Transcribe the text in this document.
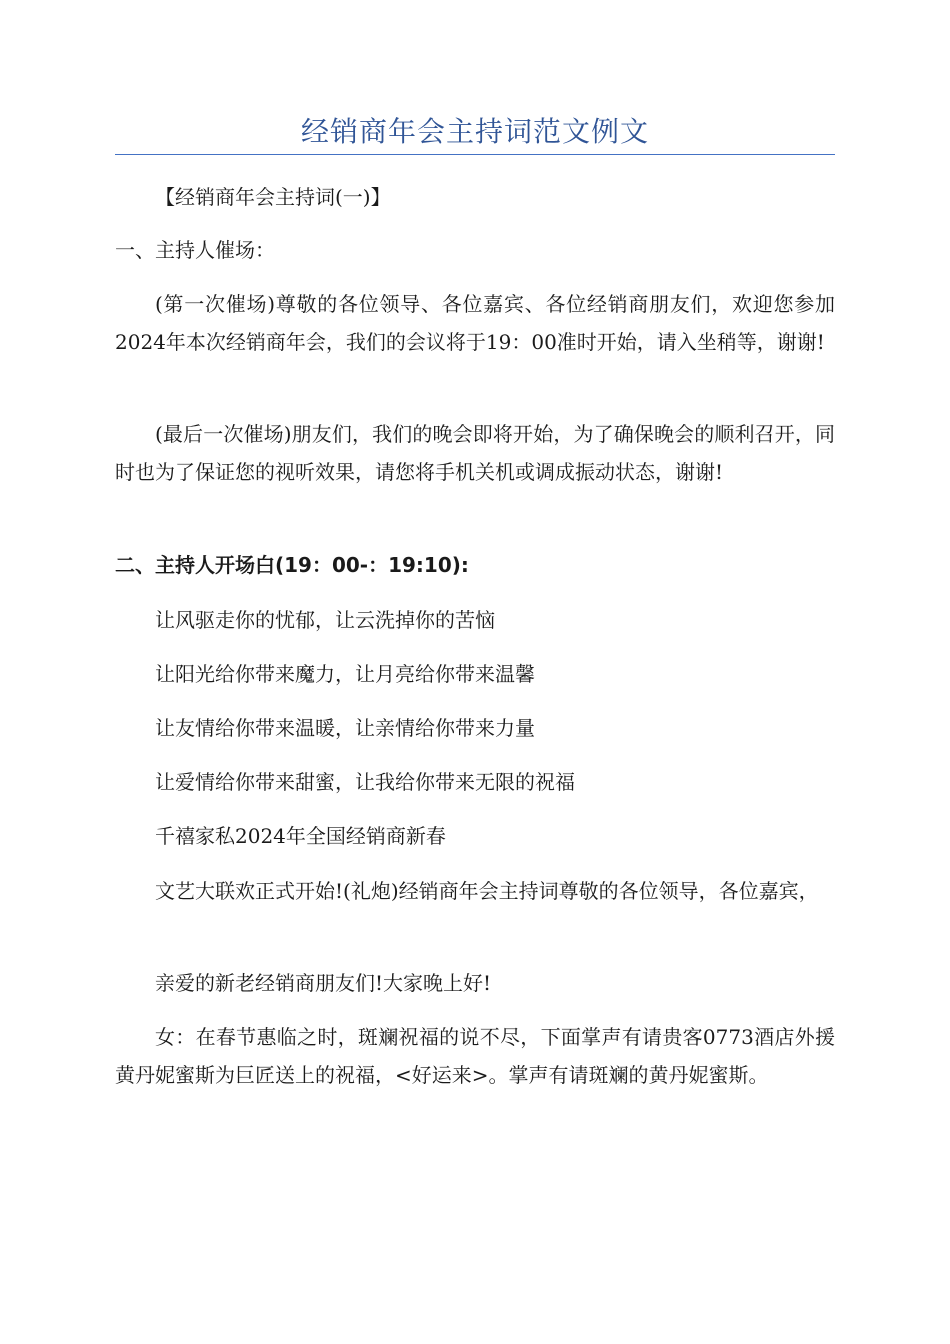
经销商年会主持词范文例文

【经销商年会主持词(一)】

一、主持人催场：

(第一次催场)尊敬的各位领导、各位嘉宾、各位经销商朋友们，欢迎您参加2024年本次经销商年会，我们的会议将于19：00准时开始，请入坐稍等，谢谢!

(最后一次催场)朋友们，我们的晚会即将开始，为了确保晚会的顺利召开，同时也为了保证您的视听效果，请您将手机关机或调成振动状态，谢谢!

二、主持人开场白(19：00-：19:10):

让风驱走你的忧郁，让云洗掉你的苦恼

让阳光给你带来魔力，让月亮给你带来温馨

让友情给你带来温暖，让亲情给你带来力量

让爱情给你带来甜蜜，让我给你带来无限的祝福

千禧家私2024年全国经销商新春

文艺大联欢正式开始!(礼炮)经销商年会主持词尊敬的各位领导，各位嘉宾，

亲爱的新老经销商朋友们!大家晚上好!

女：在春节惠临之时，斑斓祝福的说不尽，下面掌声有请贵客0773酒店外援黄丹妮蜜斯为巨匠送上的祝福，<好运来>。掌声有请斑斓的黄丹妮蜜斯。
